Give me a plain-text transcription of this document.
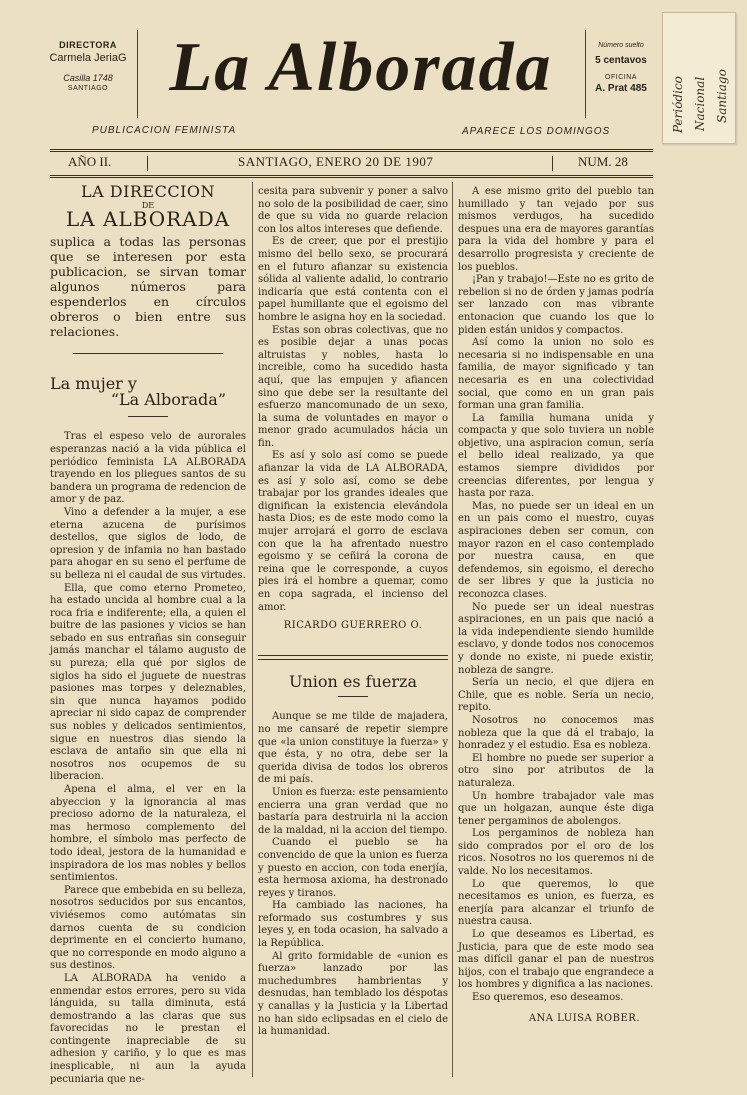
DIRECTORA
Carmela JeriaG
Casilla 1748
SANTIAGO La Alborada	Número suelto
5 centavos
OFICINA
A. Prat 485	Periódico Nacional Santiago
PUBLICACION FEMINISTA	APARECE LOS DOMINGOS
AÑO II.	SANTIAGO, ENERO 20 DE 1907	NUM. 28
LA DIRECCION
DE
LA ALBORADA
suplica a todas las personas que se interesen por esta publicacion, se sirvan tomar algunos números para espenderlos en círculos obreros o bien entre sus relaciones.
La mujer y
“La Alborada”

Tras el espeso velo de aurorales esperanzas nació a la vida pública el periódico feminista LA ALBORADA trayendo en los pliegues santos de su bandera un programa de redencion de amor y de paz.

Vino a defender a la mujer, a ese eterna azucena de purísimos destellos, que siglos de lodo, de opresion y de infamia no han bastado para ahogar en su seno el perfume de su belleza ni el caudal de sus virtudes.

Ella, que como eterno Prometeo, ha estado uncida al hombre cual a la roca fria e indiferente; ella, a quien el buitre de las pasiones y vicios se han sebado en sus entrañas sin conseguir jamás manchar el tálamo augusto de su pureza; ella qué por siglos de siglos ha sido el juguete de nuestras pasiones mas torpes y deleznables, sin que nunca hayamos podido apreciar ni sido capaz de comprender sus nobles y delicados sentimientos, sigue en nuestros dias siendo la esclava de antaño sin que ella ni nosotros nos ocupemos de su liberacion.

Apena el alma, el ver en la abyeccion y la ignorancia al mas precioso adorno de la naturaleza, el mas hermoso complemento del hombre, el símbolo mas perfecto de todo ideal, jestora de la humanidad e inspiradora de los mas nobles y bellos sentimientos.

Parece que embebida en su belleza, nosotros seducidos por sus encantos, viviésemos como autómatas sin darnos cuenta de su condicion deprimente en el concierto humano, que no corresponde en modo alguno a sus destinos.

LA ALBORADA ha venido a enmendar estos errores, pero su vida lánguida, su talla diminuta, está demostrando a las claras que sus favorecidas no le prestan el contingente inapreciable de su adhesion y cariño, y lo que es mas inesplicable, ni aun la ayuda pecuniaria que ne-

cesita para subvenir y poner a salvo no solo de la posibilidad de caer, sino de que su vida no guarde relacion con los altos intereses que defiende.

Es de creer, que por el prestijio mismo del bello sexo, se procurará en el futuro afianzar su existencia sólida al valiente adalid, lo contrario indicaría que está contenta con el papel humillante que el egoismo del hombre le asigna hoy en la sociedad.

Estas son obras colectivas, que no es posible dejar a unas pocas altruistas y nobles, hasta lo increible, como ha sucedido hasta aquí, que las empujen y afiancen sino que debe ser la resultante del esfuerzo mancomunado de un sexo, la suma de voluntades en mayor o menor grado acumulados hácia un fin.

Es así y solo así como se puede afianzar la vida de LA ALBORADA, es así y solo así, como se debe trabajar por los grandes ideales que dignifican la existencia elevándola hasta Dios; es de este modo como la mujer arrojará el gorro de esclava con que la ha afrentado nuestro egoismo y se ceñirá la corona de reina que le corresponde, a cuyos pies irá el hombre a quemar, como en copa sagrada, el incienso del amor.

RICARDO GUERRERO O.
Union es fuerza

Aunque se me tilde de majadera, no me cansaré de repetir siempre que «la union constituye la fuerza» y que ésta, y no otra, debe ser la querida divisa de todos los obreros de mi país.

Union es fuerza: este pensamiento encierra una gran verdad que no bastaría para destruirla ni la accion de la maldad, ni la accion del tiempo.

Cuando el pueblo se ha convencido de que la union es fuerza y puesto en accion, con toda enerjía, esta hermosa axioma, ha destronado reyes y tiranos.

Ha cambiado las naciones, ha reformado sus costumbres y sus leyes y, en toda ocasion, ha salvado a la República.

Al grito formidable de «union es fuerza» lanzado por las muchedumbres hambrientas y desnudas, han temblado los déspotas y canallas y la Justicia y la Libertad no han sido eclipsadas en el cielo de la humanidad.

A ese mismo grito del pueblo tan humillado y tan vejado por sus mismos verdugos, ha sucedido despues una era de mayores garantías para la vida del hombre y para el desarrollo progresista y creciente de los pueblos.

¡Pan y trabajo!—Este no es grito de rebelion si no de órden y jamas podría ser lanzado con mas vibrante entonacion que cuando los que lo piden están unidos y compactos.

Así como la union no solo es necesaria si no indispensable en una familia, de mayor significado y tan necesaria es en una colectividad social, que como en un gran pais forman una gran familia.

La familia humana unida y compacta y que solo tuviera un noble objetivo, una aspiracion comun, sería el bello ideal realizado, ya que estamos siempre divididos por creencias diferentes, por lengua y hasta por raza.

Mas, no puede ser un ideal en un en un pais como el nuestro, cuyas aspiraciones deben ser comun, con mayor razon en el caso contemplado por nuestra causa, en que defendemos, sin egoismo, el derecho de ser libres y que la justicia no reconozca clases.

No puede ser un ideal nuestras aspiraciones, en un pais que nació a la vida independiente siendo humilde esclavo, y donde todos nos conocemos y donde no existe, ni puede existir, nobleza de sangre.

Sería un necio, el que dijera en Chile, que es noble. Sería un necio, repito.

Nosotros no conocemos mas nobleza que la que dá el trabajo, la honradez y el estudio. Esa es nobleza.

El hombre no puede ser superior a otro sino por atributos de la naturaleza.

Un hombre trabajador vale mas que un holgazan, aunque éste diga tener pergaminos de abolengos.

Los pergaminos de nobleza han sido comprados por el oro de los ricos. Nosotros no los queremos ni de valde. No los necesitamos.

Lo que queremos, lo que necesitamos es union, es fuerza, es enerjía para alcanzar el triunfo de nuestra causa.

Lo que deseamos es Libertad, es Justicia, para que de este modo sea mas difícil ganar el pan de nuestros hijos, con el trabajo que engrandece a los hombres y dignifica a las naciones.

Eso queremos, eso deseamos.

ANA LUISA ROBER.
